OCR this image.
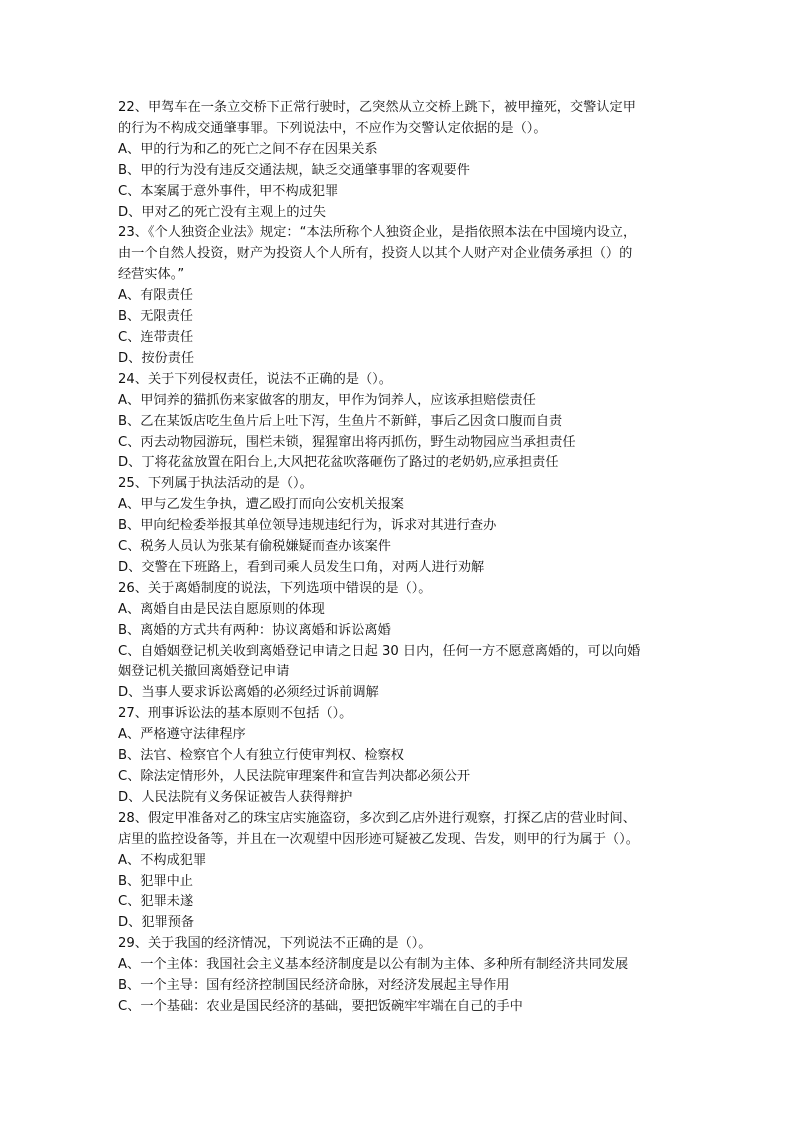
22、甲驾车在一条立交桥下正常行驶时，乙突然从立交桥上跳下，被甲撞死，交警认定甲
的行为不构成交通肇事罪。下列说法中，不应作为交警认定依据的是（）。
A、甲的行为和乙的死亡之间不存在因果关系
B、甲的行为没有违反交通法规，缺乏交通肇事罪的客观要件
C、本案属于意外事件，甲不构成犯罪
D、甲对乙的死亡没有主观上的过失
23、《个人独资企业法》规定：“本法所称个人独资企业，是指依照本法在中国境内设立，
由一个自然人投资，财产为投资人个人所有，投资人以其个人财产对企业债务承担（）的
经营实体。”
A、有限责任
B、无限责任
C、连带责任
D、按份责任
24、关于下列侵权责任，说法不正确的是（）。
A、甲饲养的猫抓伤来家做客的朋友，甲作为饲养人，应该承担赔偿责任
B、乙在某饭店吃生鱼片后上吐下泻，生鱼片不新鲜，事后乙因贪口腹而自责
C、丙去动物园游玩，围栏未锁，猩猩窜出将丙抓伤，野生动物园应当承担责任
D、丁将花盆放置在阳台上,大风把花盆吹落砸伤了路过的老奶奶,应承担责任
25、下列属于执法活动的是（）。
A、甲与乙发生争执，遭乙殴打而向公安机关报案
B、甲向纪检委举报其单位领导违规违纪行为，诉求对其进行查办
C、税务人员认为张某有偷税嫌疑而查办该案件
D、交警在下班路上，看到司乘人员发生口角，对两人进行劝解
26、关于离婚制度的说法，下列选项中错误的是（）。
A、离婚自由是民法自愿原则的体现
B、离婚的方式共有两种：协议离婚和诉讼离婚
C、自婚姻登记机关收到离婚登记申请之日起 30 日内，任何一方不愿意离婚的，可以向婚
姻登记机关撤回离婚登记申请
D、当事人要求诉讼离婚的必须经过诉前调解
27、刑事诉讼法的基本原则不包括（）。
A、严格遵守法律程序
B、法官、检察官个人有独立行使审判权、检察权
C、除法定情形外，人民法院审理案件和宣告判决都必须公开
D、人民法院有义务保证被告人获得辩护
28、假定甲准备对乙的珠宝店实施盗窃，多次到乙店外进行观察，打探乙店的营业时间、
店里的监控设备等，并且在一次观望中因形迹可疑被乙发现、告发，则甲的行为属于（）。
A、不构成犯罪
B、犯罪中止
C、犯罪未遂
D、犯罪预备
29、关于我国的经济情况，下列说法不正确的是（）。
A、一个主体：我国社会主义基本经济制度是以公有制为主体、多种所有制经济共同发展
B、一个主导：国有经济控制国民经济命脉，对经济发展起主导作用
C、一个基础：农业是国民经济的基础，要把饭碗牢牢端在自己的手中
